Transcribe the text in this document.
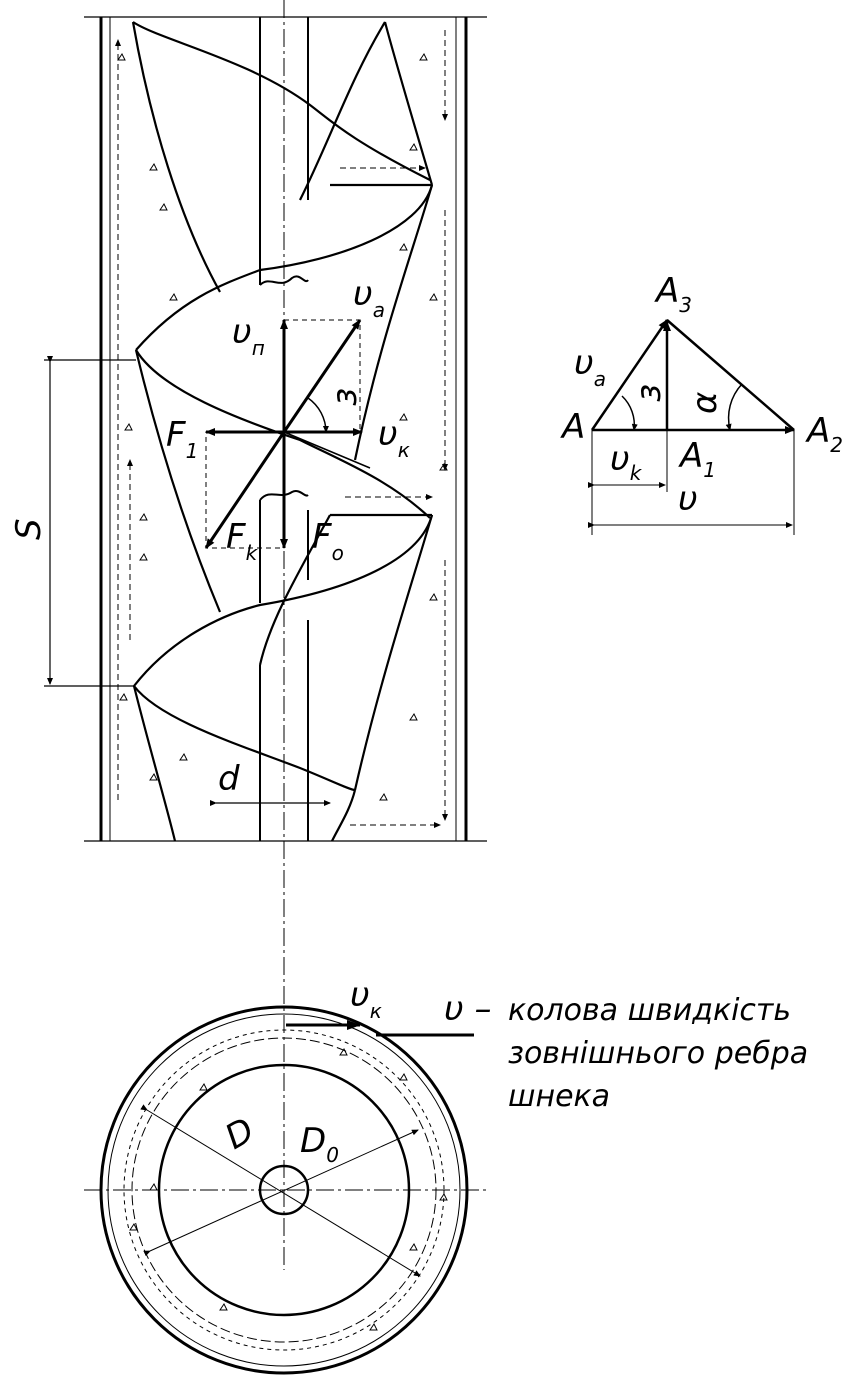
$\upsilon_a$
$\upsilon_п$
$\upsilon_к$
$F_1$
$F_k$ $F_о$
з
S
d
$A_3$
$\upsilon_a$
A	$A_2$
$A_1$
$\upsilon_k$
υ
з α
$\upsilon_к$
D $D_0$
υ – колова швидкість
зовнішнього ребра
шнека
